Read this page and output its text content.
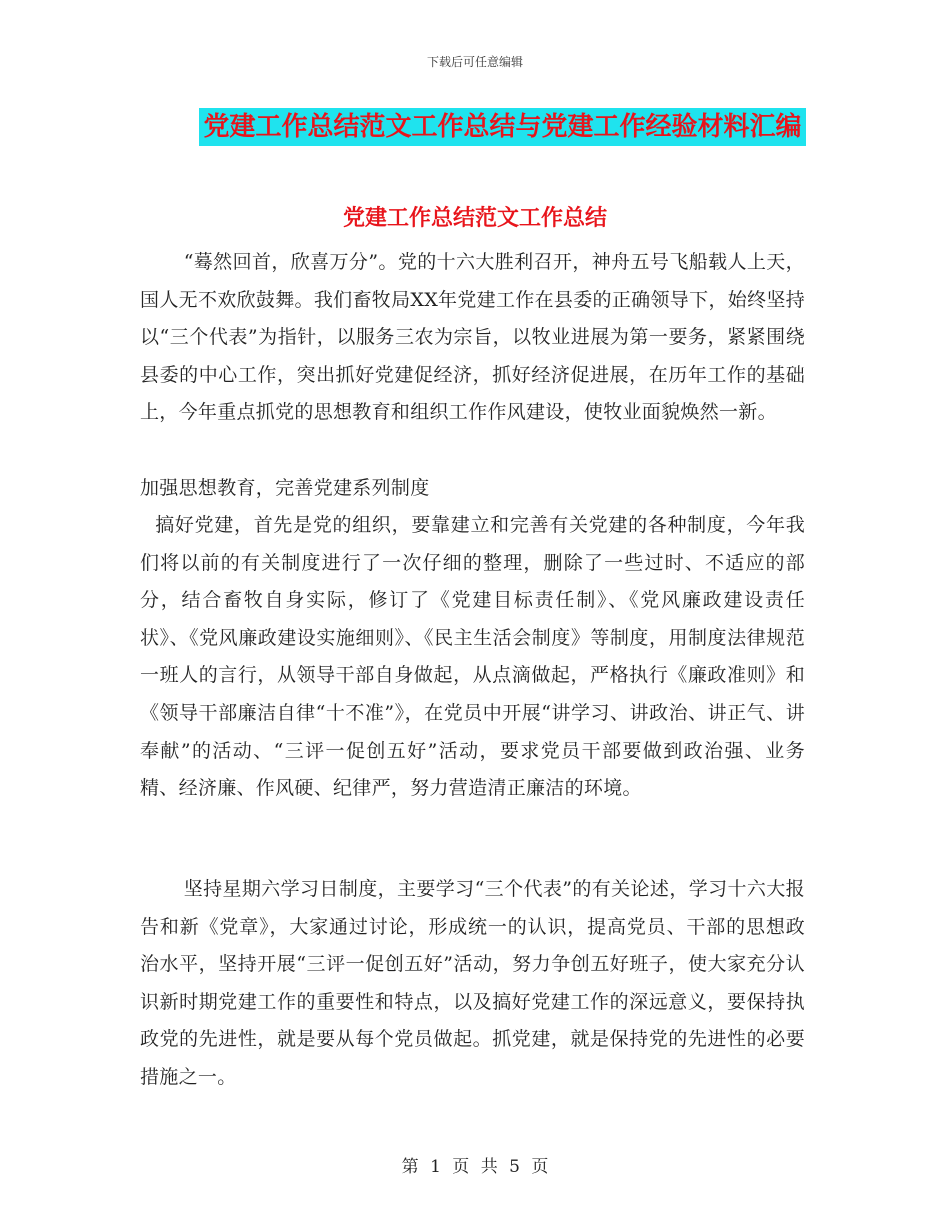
下载后可任意编辑
党建工作总结范文工作总结与党建工作经验材料汇编
党建工作总结范文工作总结

“蓦然回首，欣喜万分”。党的十六大胜利召开，神舟五号飞船载人上天，国人无不欢欣鼓舞。我们畜牧局XX年党建工作在县委的正确领导下，始终坚持以“三个代表”为指针，以服务三农为宗旨，以牧业进展为第一要务，紧紧围绕县委的中心工作，突出抓好党建促经济，抓好经济促进展，在历年工作的基础上，今年重点抓党的思想教育和组织工作作风建设，使牧业面貌焕然一新。

加强思想教育，完善党建系列制度

搞好党建，首先是党的组织，要靠建立和完善有关党建的各种制度，今年我们将以前的有关制度进行了一次仔细的整理，删除了一些过时、不适应的部分，结合畜牧自身实际，修订了《党建目标责任制》、《党风廉政建设责任状》、《党风廉政建设实施细则》、《民主生活会制度》等制度，用制度法律规范一班人的言行，从领导干部自身做起，从点滴做起，严格执行《廉政准则》和《领导干部廉洁自律“十不准”》，在党员中开展“讲学习、讲政治、讲正气、讲奉献”的活动、“三评一促创五好”活动，要求党员干部要做到政治强、业务精、经济廉、作风硬、纪律严，努力营造清正廉洁的环境。

坚持星期六学习日制度，主要学习“三个代表”的有关论述，学习十六大报告和新《党章》，大家通过讨论，形成统一的认识，提高党员、干部的思想政治水平，坚持开展“三评一促创五好”活动，努力争创五好班子，使大家充分认识新时期党建工作的重要性和特点，以及搞好党建工作的深远意义，要保持执政党的先进性，就是要从每个党员做起。抓党建，就是保持党的先进性的必要措施之一。

第 1 页 共 5 页
